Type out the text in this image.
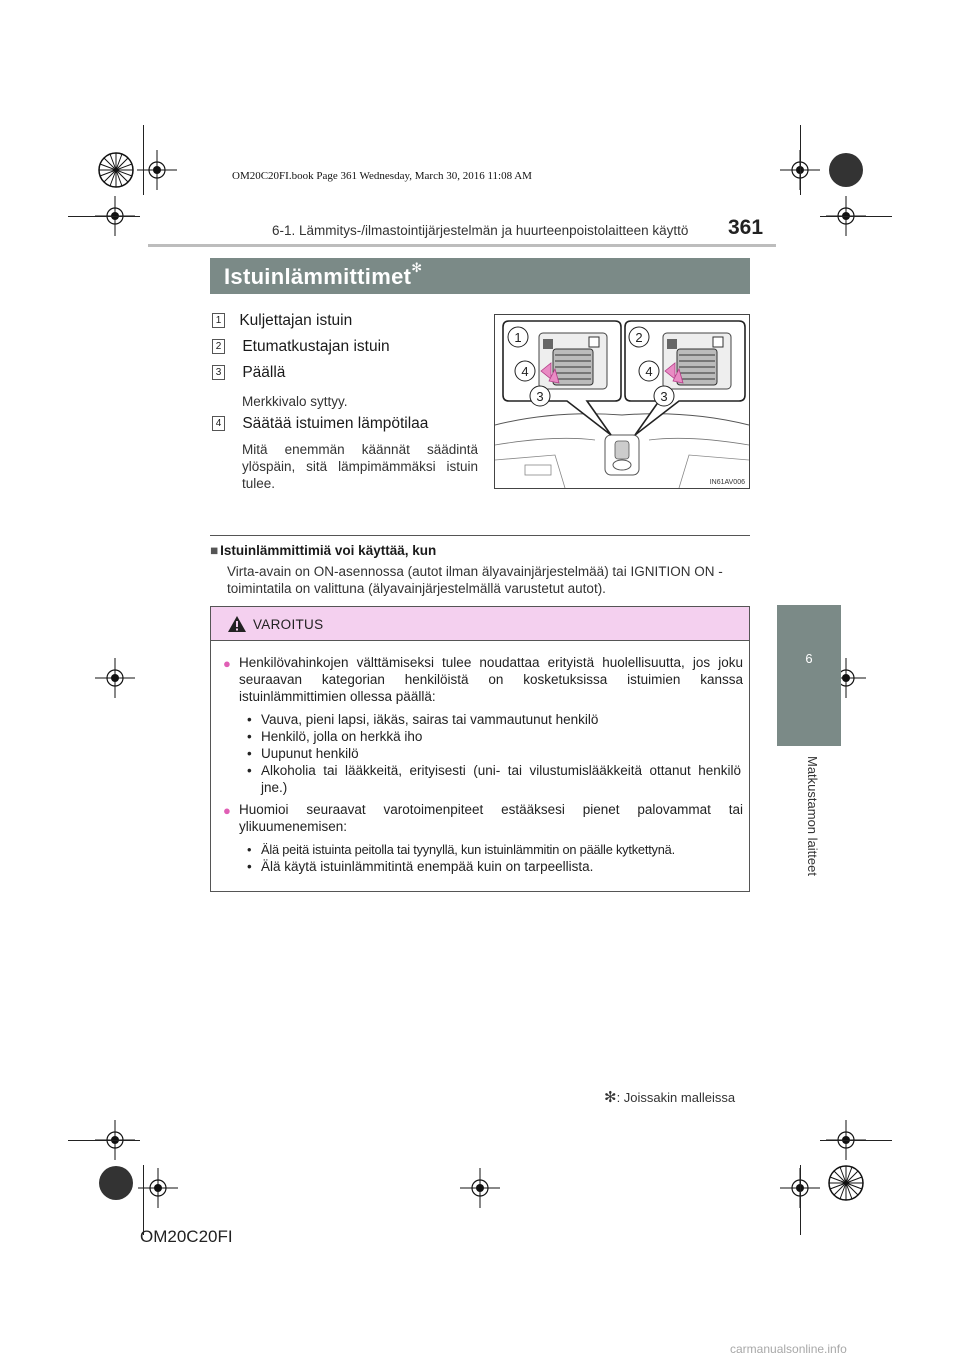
OM20C20FI.book Page 361 Wednesday, March 30, 2016 11:08 AM
6-1. Lämmitys-/ilmastointijärjestelmän ja huurteenpoistolaitteen käyttö 361
6
Matkustamon laitteet
Istuinlämmittimet✻
1 Kuljettajan istuin
2 Etumatkustajan istuin
3 Päällä
Merkkivalo syttyy.
4 Säätää istuimen lämpötilaa
Mitä enemmän käännät säädintä ylöspäin, sitä lämpimämmäksi istuin tulee.
1
4
3
2
4
3
IN61AV006
■ Istuinlämmittimiä voi käyttää, kun
Virta-avain on ON-asennossa (autot ilman älyavainjärjestelmää) tai IGNITION ON -toimintatila on valittuna (älyavainjärjestelmällä varustetut autot).
VAROITUS
● Henkilövahinkojen välttämiseksi tulee noudattaa erityistä huolellisuutta, jos joku seuraavan kategorian henkilöistä on kosketuksissa istuimien kanssa istuinlämmittimien ollessa päällä:
• Vauva, pieni lapsi, iäkäs, sairas tai vammautunut henkilö
• Henkilö, jolla on herkkä iho
• Uupunut henkilö
• Alkoholia tai lääkkeitä, erityisesti (uni- tai vilustumislääkkeitä ottanut henkilö jne.)
● Huomioi seuraavat varotoimenpiteet estääksesi pienet palovammat tai ylikuumenemisen:
• Älä peitä istuinta peitolla tai tyynyllä, kun istuinlämmitin on päälle kytkettynä.
• Älä käytä istuinlämmitintä enempää kuin on tarpeellista.
✻: Joissakin malleissa
OM20C20FI
carmanualsonline.info
